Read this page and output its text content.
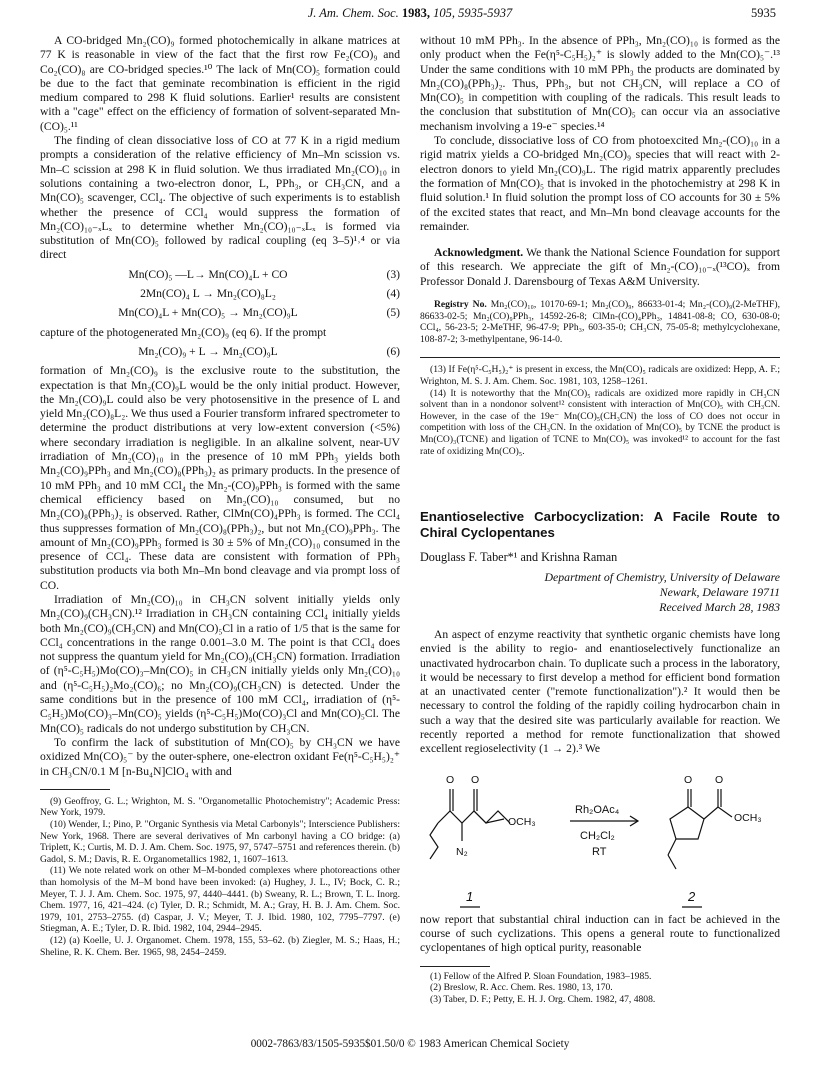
J. Am. Chem. Soc. 1983, 105, 5935-5937	5935

A CO-bridged Mn₂(CO)₉ formed photochemically in alkane matrices at 77 K is reasonable in view of the fact that the first row Fe₂(CO)₉ and Co₂(CO)₈ are CO-bridged species.¹⁰ The lack of Mn(CO)₅ formation could be due to the fact that geminate recombination is efficient in the rigid medium compared to 298 K fluid solutions. Earlier¹ results are consistent with a "cage" effect on the efficiency of formation of solvent-separated Mn-(CO)₅.¹¹

The finding of clean dissociative loss of CO at 77 K in a rigid medium prompts a consideration of the relative efficiency of Mn–Mn scission vs. Mn–C scission at 298 K in fluid solution. We thus irradiated Mn₂(CO)₁₀ in solutions containing a two-electron donor, L, PPh₃, or CH₃CN, and a Mn(CO)₅ scavenger, CCl₄. The objective of such experiments is to establish whether the presence of CCl₄ would suppress the formation of Mn₂(CO)₁₀₋ₓLₓ to determine whether Mn₂(CO)₁₀₋ₓLₓ is formed via substitution of Mn(CO)₅ followed by radical coupling (eq 3–5)¹˒⁴ or via direct

Mn(CO)₅ —L→ Mn(CO)₄L + CO	(3)
2Mn(CO)₄ L → Mn₂(CO)₈L₂	(4)
Mn(CO)₄L + Mn(CO)₅ → Mn₂(CO)₉L	(5)

capture of the photogenerated Mn₂(CO)₉ (eq 6). If the prompt

Mn₂(CO)₉ + L → Mn₂(CO)₉L	(6)

formation of Mn₂(CO)₉ is the exclusive route to the substitution, the expectation is that Mn₂(CO)₉L would be the only initial product. However, the Mn₂(CO)₉L could also be very photosensitive in the presence of L and yield Mn₂(CO)₈L₂. We thus used a Fourier transform infrared spectrometer to determine the product distributions at very low-extent conversion (<5%) where secondary irradiation is negligible. In an alkaline solvent, near-UV irradiation of Mn₂(CO)₁₀ in the presence of 10 mM PPh₃ yields both Mn₂(CO)₉PPh₃ and Mn₂(CO)₈(PPh₃)₂ as primary products. In the presence of 10 mM PPh₃ and 10 mM CCl₄ the Mn₂-(CO)₉PPh₃ is formed with the same chemical efficiency based on Mn₂(CO)₁₀ consumed, but no Mn₂(CO)₈(PPh₃)₂ is observed. Rather, ClMn(CO)₄PPh₃ is formed. The CCl₄ thus suppresses formation of Mn₂(CO)₈(PPh₃)₂, but not Mn₂(CO)₉PPh₃. The amount of Mn₂(CO)₉PPh₃ formed is 30 ± 5% of Mn₂(CO)₁₀ consumed in the presence of CCl₄. These data are consistent with formation of PPh₃ substitution products via both Mn–Mn bond cleavage and via prompt loss of CO.

Irradiation of Mn₂(CO)₁₀ in CH₃CN solvent initially yields only Mn₂(CO)₉(CH₃CN).¹² Irradiation in CH₃CN containing CCl₄ initially yields both Mn₂(CO)₉(CH₃CN) and Mn(CO)₅Cl in a ratio of 1/5 that is the same for CCl₄ concentrations in the range 0.001–3.0 M. The point is that CCl₄ does not suppress the quantum yield for Mn₂(CO)₉(CH₃CN) formation. Irradiation of (η⁵-C₅H₅)Mo(CO)₃–Mn(CO)₅ in CH₃CN initially yields only Mn₂(CO)₁₀ and (η⁵-C₅H₅)₂Mo₂(CO)₆; no Mn₂(CO)₉(CH₃CN) is detected. Under the same conditions but in the presence of 100 mM CCl₄, irradiation of (η⁵-C₅H₅)Mo(CO)₃–Mn(CO)₅ yields (η⁵-C₅H₅)Mo(CO)₃Cl and Mn(CO)₅Cl. The Mn(CO)₅ radicals do not undergo substitution by CH₃CN.

To confirm the lack of substitution of Mn(CO)₅ by CH₃CN we have oxidized Mn(CO)₅⁻ by the outer-sphere, one-electron oxidant Fe(η⁵-C₅H₅)₂⁺ in CH₃CN/0.1 M [n-Bu₄N]ClO₄ with and

(9) Geoffroy, G. L.; Wrighton, M. S. "Organometallic Photochemistry"; Academic Press: New York, 1979.

(10) Wender, I.; Pino, P. "Organic Synthesis via Metal Carbonyls"; Interscience Publishers: New York, 1968. There are several derivatives of Mn carbonyl having a CO bridge: (a) Triplett, K.; Curtis, M. D. J. Am. Chem. Soc. 1975, 97, 5747–5751 and references therein. (b) Gadol, S. M.; Davis, R. E. Organometallics 1982, 1, 1607–1613.

(11) We note related work on other M–M-bonded complexes where photoreactions other than homolysis of the M–M bond have been invoked: (a) Hughey, J. L., IV; Bock, C. R.; Meyer, T. J. J. Am. Chem. Soc. 1975, 97, 4440–4441. (b) Sweany, R. L.; Brown, T. L. Inorg. Chem. 1977, 16, 421–424. (c) Tyler, D. R.; Schmidt, M. A.; Gray, H. B. J. Am. Chem. Soc. 1979, 101, 2753–2755. (d) Caspar, J. V.; Meyer, T. J. Ibid. 1980, 102, 7795–7797. (e) Stiegman, A. E.; Tyler, D. R. Ibid. 1982, 104, 2944–2945.

(12) (a) Koelle, U. J. Organomet. Chem. 1978, 155, 53–62. (b) Ziegler, M. S.; Haas, H.; Sheline, R. K. Chem. Ber. 1965, 98, 2454–2459.

without 10 mM PPh₃. In the absence of PPh₃, Mn₂(CO)₁₀ is formed as the only product when the Fe(η⁵-C₅H₅)₂⁺ is slowly added to the Mn(CO)₅⁻.¹³ Under the same conditions with 10 mM PPh₃ the products are dominated by Mn₂(CO)₈(PPh₃)₂. Thus, PPh₃, but not CH₃CN, will replace a CO of Mn(CO)₅ in competition with coupling of the radicals. This result leads to the conclusion that substitution of Mn(CO)₅ can occur via an associative mechanism involving a 19-e⁻ species.¹⁴

To conclude, dissociative loss of CO from photoexcited Mn₂-(CO)₁₀ in a rigid matrix yields a CO-bridged Mn₂(CO)₉ species that will react with 2-electron donors to yield Mn₂(CO)₉L. The rigid matrix apparently precludes the formation of Mn(CO)₅ that is invoked in the photochemistry at 298 K in fluid solution.¹ In fluid solution the prompt loss of CO accounts for 30 ± 5% of the excited states that react, and Mn–Mn bond cleavage accounts for the remainder.

Acknowledgment. We thank the National Science Foundation for support of this research. We appreciate the gift of Mn₂-(CO)₁₀₋ₓ(¹³CO)ₓ from Professor Donald J. Darensbourg of Texas A&M University.

Registry No. Mn₂(CO)₁₀, 10170-69-1; Mn₂(CO)₉, 86633-01-4; Mn₂-(CO)₉(2-MeTHF), 86633-02-5; Mn₂(CO)₉PPh₃, 14592-26-8; ClMn-(CO)₄PPh₃, 14841-08-8; CO, 630-08-0; CCl₄, 56-23-5; 2-MeTHF, 96-47-9; PPh₃, 603-35-0; CH₃CN, 75-05-8; methylcyclohexane, 108-87-2; 3-methylpentane, 96-14-0.

(13) If Fe(η⁵-C₅H₅)₂⁺ is present in excess, the Mn(CO)₅ radicals are oxidized: Hepp, A. F.; Wrighton, M. S. J. Am. Chem. Soc. 1981, 103, 1258–1261.

(14) It is noteworthy that the Mn(CO)₅ radicals are oxidized more rapidly in CH₃CN solvent than in a nondonor solvent¹² consistent with interaction of Mn(CO)₅ with CH₃CN. However, in the case of the 19e⁻ Mn(CO)₅(CH₃CN) the loss of CO does not occur in competition with loss of the CH₃CN. In the oxidation of Mn(CO)₅ by TCNE the product is Mn(CO)₃(TCNE) and ligation of TCNE to Mn(CO)₅ was invoked¹² to account for the fast rate of oxidizing Mn(CO)₅.

Enantioselective Carbocyclization: A Facile Route to Chiral Cyclopentanes
Douglass F. Taber*¹ and Krishna Raman
Department of Chemistry, University of Delaware
Newark, Delaware 19711
Received March 28, 1983

An aspect of enzyme reactivity that synthetic organic chemists have long envied is the ability to regio- and enantioselectively functionalize an unactivated hydrocarbon chain. To duplicate such a process in the laboratory, it would be necessary to first develop a method for efficient bond formation at an unactivated center ("remote functionalization").² It would then be necessary to control the folding of the rapidly coiling hydrocarbon chain in such a way that the desired site was particularly available for reaction. We recently reported a method for remote functionalization that showed excellent regioselectivity (1 → 2).³ We

O O
OCH₃
N₂
Rh₂OAc₄
CH₂Cl₂
RT
O O
OCH₃
1	2

now report that substantial chiral induction can in fact be achieved in the course of such cyclizations. This opens a general route to functionalized cyclopentanes of high optical purity, reasonable

(1) Fellow of the Alfred P. Sloan Foundation, 1983–1985.

(2) Breslow, R. Acc. Chem. Res. 1980, 13, 170.

(3) Taber, D. F.; Petty, E. H. J. Org. Chem. 1982, 47, 4808.

0002-7863/83/1505-5935$01.50/0 © 1983 American Chemical Society
